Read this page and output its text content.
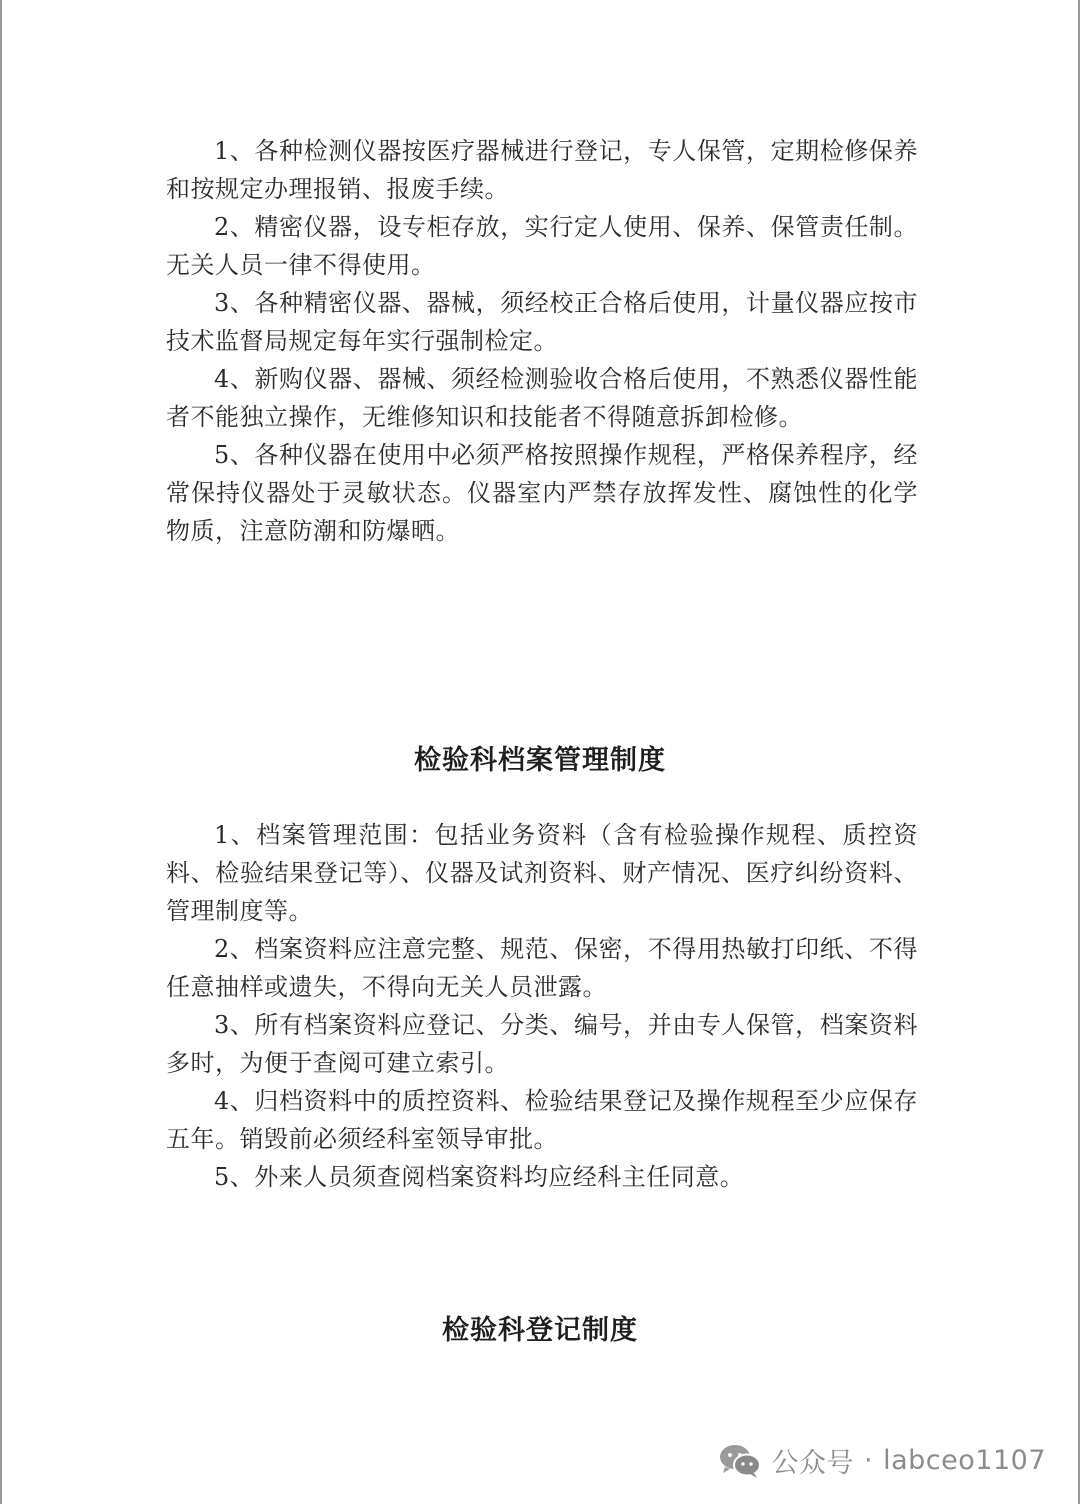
1、各种检测仪器按医疗器械进行登记，专人保管，定期检修保养和按规定办理报销、报废手续。

2、精密仪器，设专柜存放，实行定人使用、保养、保管责任制。无关人员一律不得使用。

3、各种精密仪器、器械，须经校正合格后使用，计量仪器应按市技术监督局规定每年实行强制检定。

4、新购仪器、器械、须经检测验收合格后使用，不熟悉仪器性能者不能独立操作，无维修知识和技能者不得随意拆卸检修。

5、各种仪器在使用中必须严格按照操作规程，严格保养程序，经常保持仪器处于灵敏状态。仪器室内严禁存放挥发性、腐蚀性的化学物质，注意防潮和防爆晒。

检验科档案管理制度

1、档案管理范围：包括业务资料（含有检验操作规程、质控资料、检验结果登记等）、仪器及试剂资料、财产情况、医疗纠纷资料、管理制度等。

2、档案资料应注意完整、规范、保密，不得用热敏打印纸、不得任意抽样或遗失，不得向无关人员泄露。

3、所有档案资料应登记、分类、编号，并由专人保管，档案资料多时，为便于查阅可建立索引。

4、归档资料中的质控资料、检验结果登记及操作规程至少应保存五年。销毁前必须经科室领导审批。

5、外来人员须查阅档案资料均应经科主任同意。

检验科登记制度
公众号 · labceo1107
